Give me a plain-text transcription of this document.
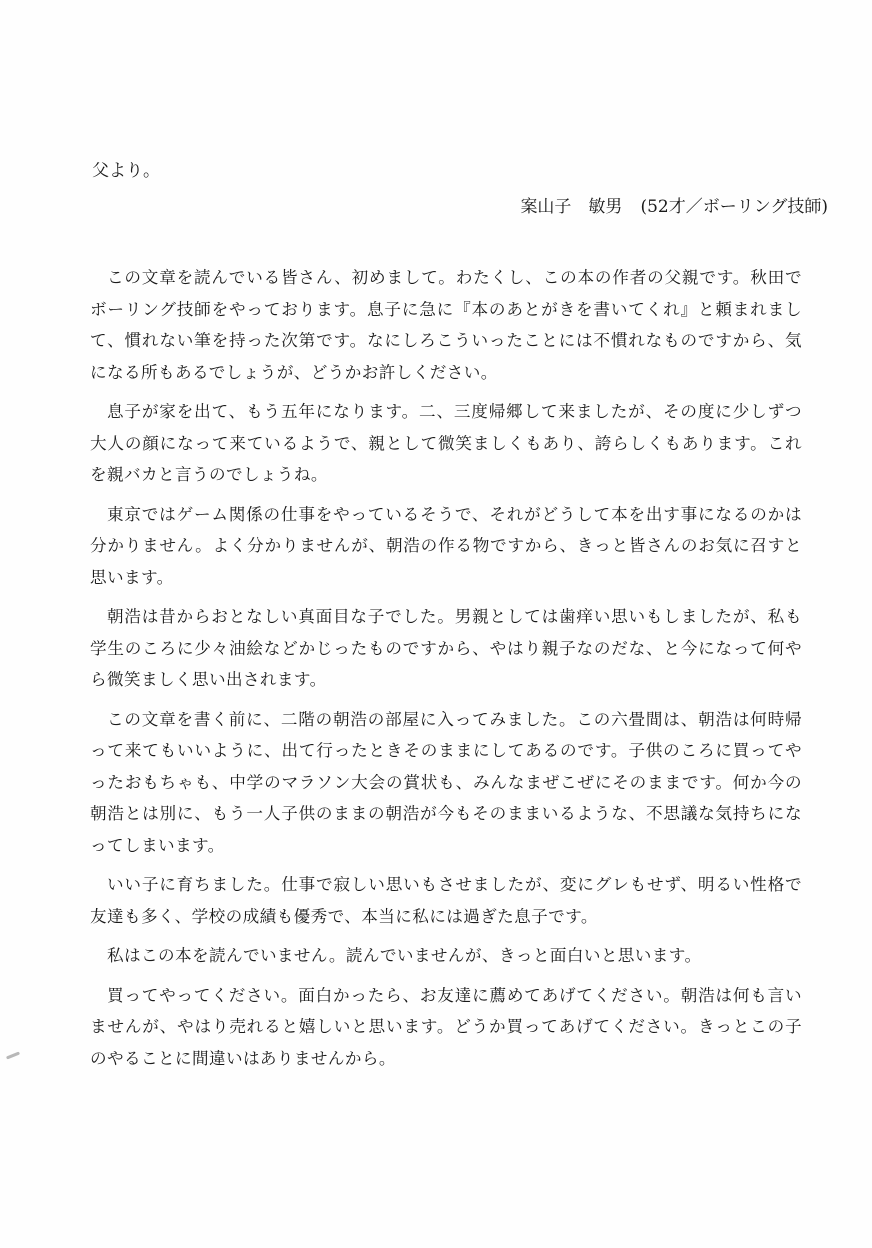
父より。
案山子　敏男 (52才／ボーリング技師)

この文章を読んでいる皆さん、初めまして。わたくし、この本の作者の父親です。秋田でボーリング技師をやっております。息子に急に『本のあとがきを書いてくれ』と頼まれまして、慣れない筆を持った次第です。なにしろこういったことには不慣れなものですから、気になる所もあるでしょうが、どうかお許しください。

息子が家を出て、もう五年になります。二、三度帰郷して来ましたが、その度に少しずつ大人の顔になって来ているようで、親として微笑ましくもあり、誇らしくもあります。これを親バカと言うのでしょうね。

東京ではゲーム関係の仕事をやっているそうで、それがどうして本を出す事になるのかは分かりません。よく分かりませんが、朝浩の作る物ですから、きっと皆さんのお気に召すと思います。

朝浩は昔からおとなしい真面目な子でした。男親としては歯痒い思いもしましたが、私も学生のころに少々油絵などかじったものですから、やはり親子なのだな、と今になって何やら微笑ましく思い出されます。

この文章を書く前に、二階の朝浩の部屋に入ってみました。この六畳間は、朝浩は何時帰って来てもいいように、出て行ったときそのままにしてあるのです。子供のころに買ってやったおもちゃも、中学のマラソン大会の賞状も、みんなまぜこぜにそのままです。何か今の朝浩とは別に、もう一人子供のままの朝浩が今もそのままいるような、不思議な気持ちになってしまいます。

いい子に育ちました。仕事で寂しい思いもさせましたが、変にグレもせず、明るい性格で友達も多く、学校の成績も優秀で、本当に私には過ぎた息子です。

私はこの本を読んでいません。読んでいませんが、きっと面白いと思います。

買ってやってください。面白かったら、お友達に薦めてあげてください。朝浩は何も言いませんが、やはり売れると嬉しいと思います。どうか買ってあげてください。きっとこの子のやることに間違いはありませんから。
